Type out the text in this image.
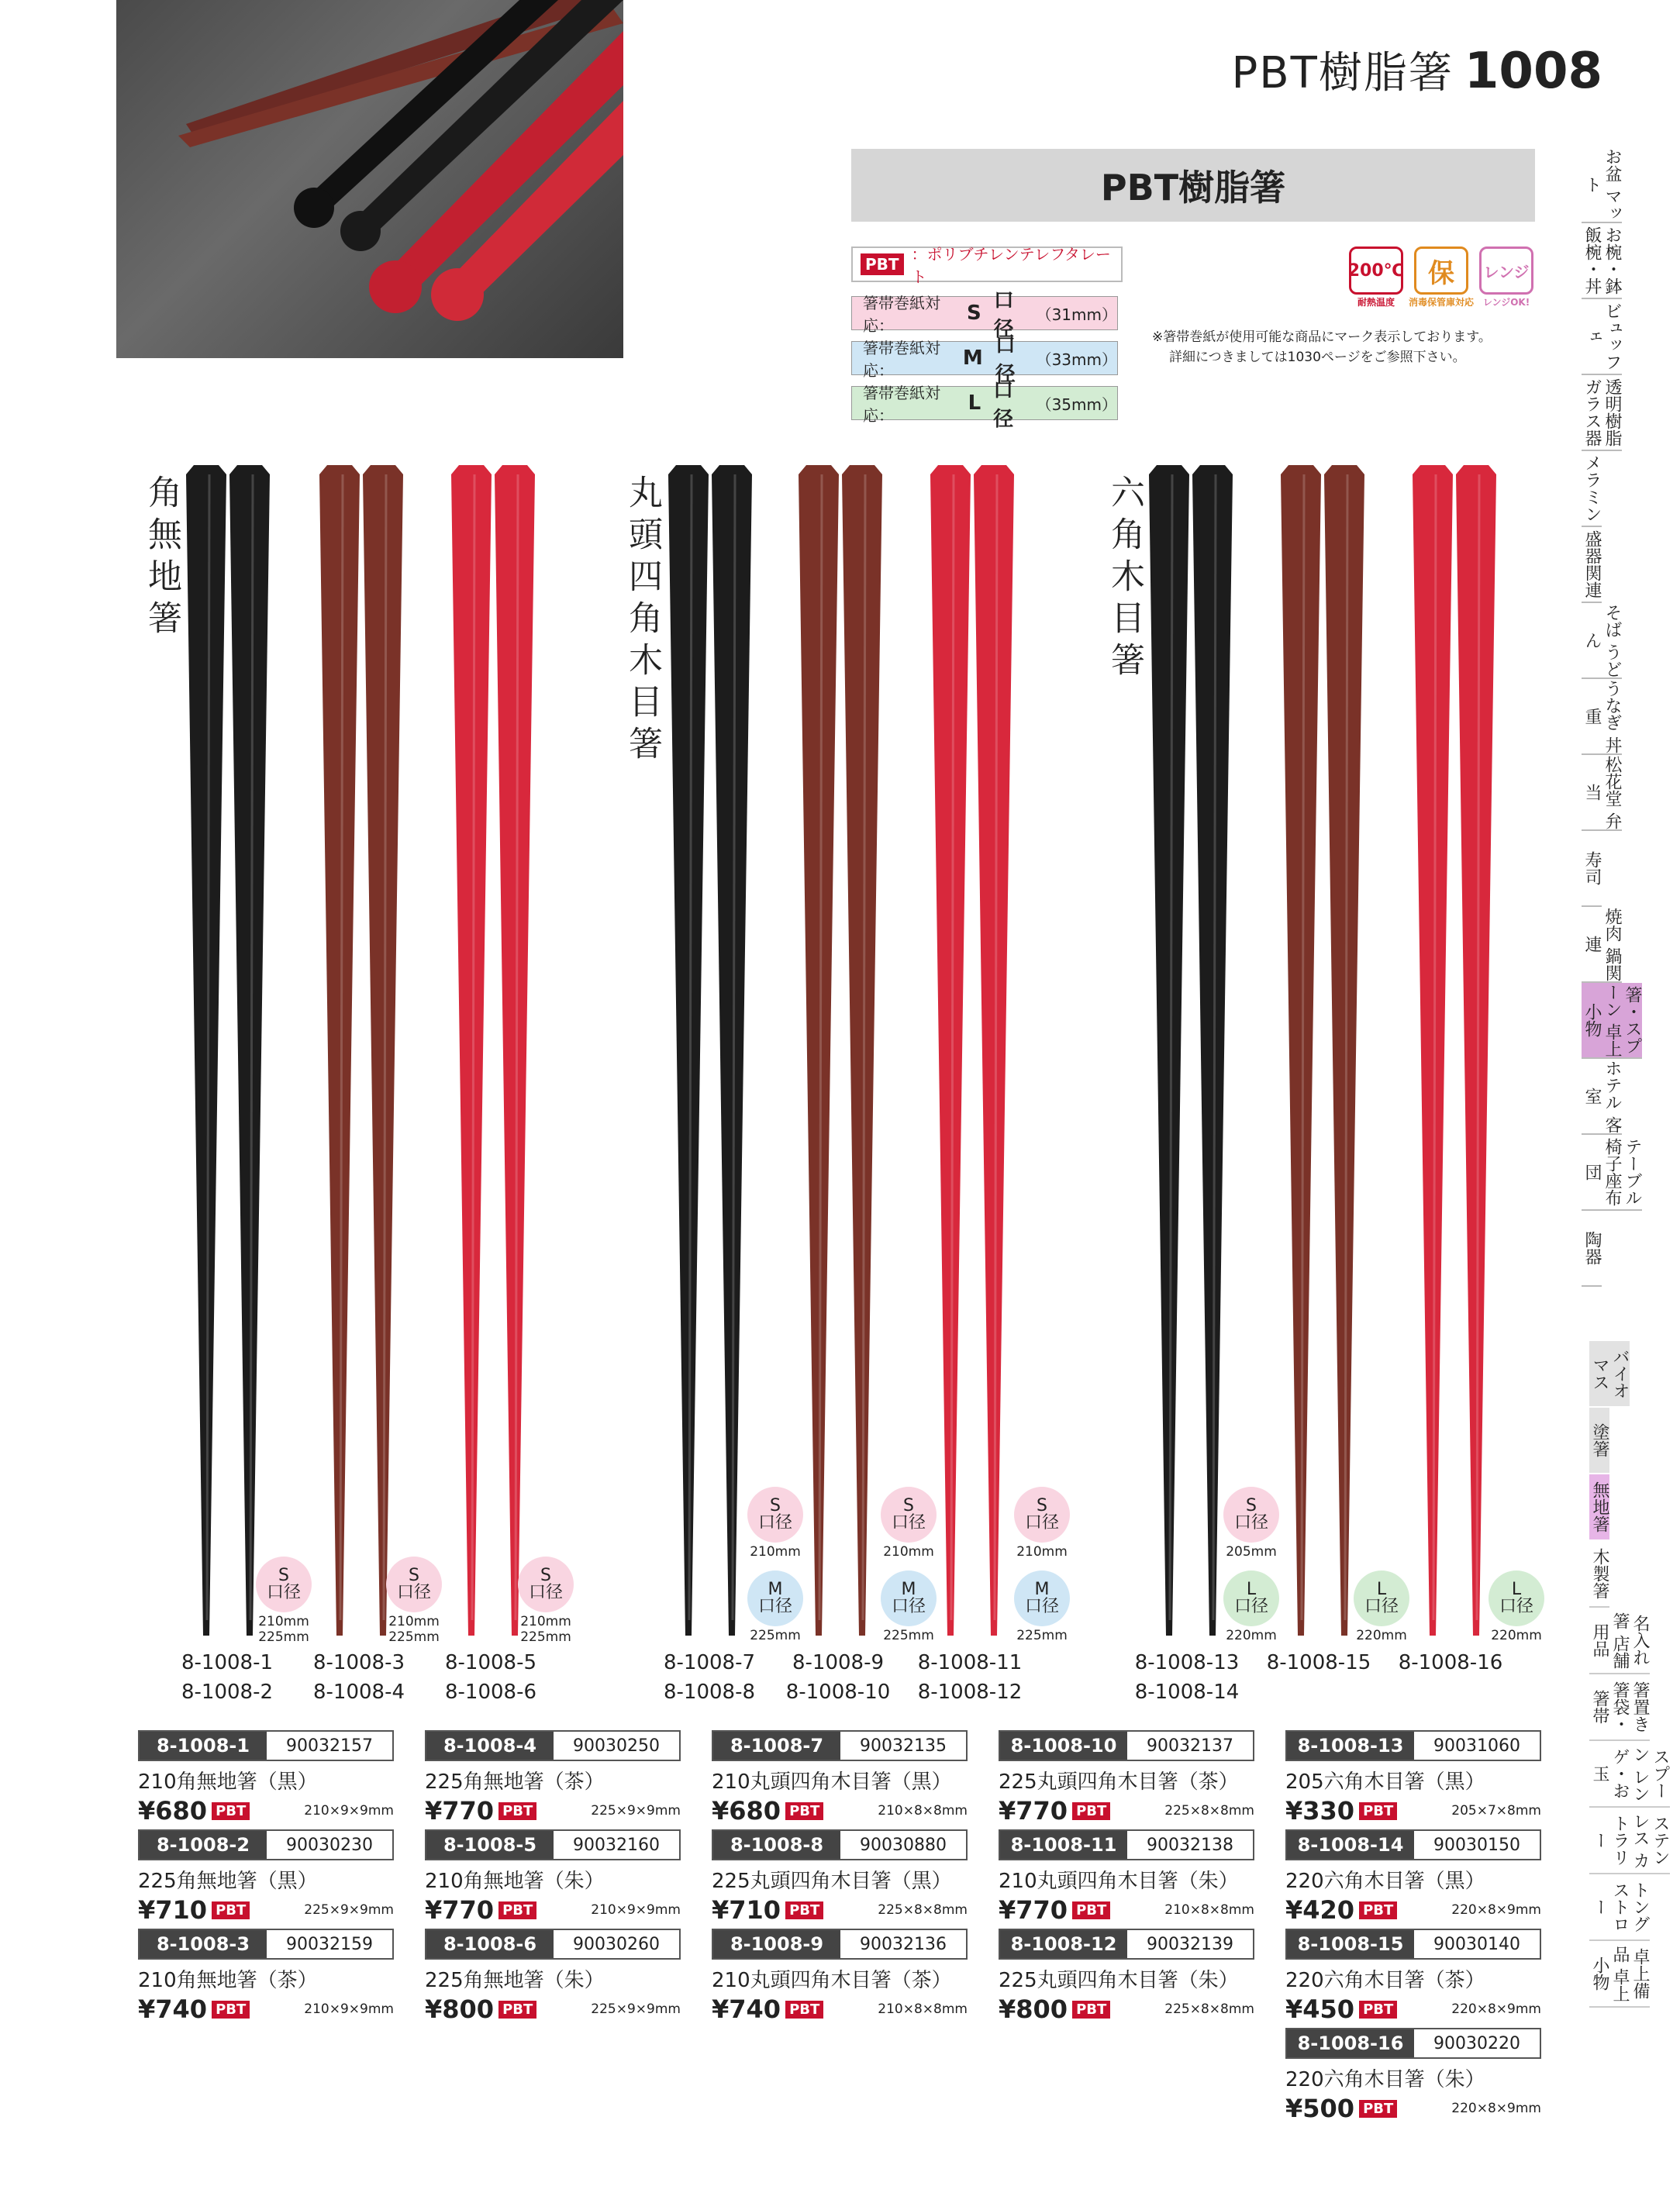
PBT樹脂箸 1008
PBT樹脂箸
PBT
：ポリブチレンテレフタレート
箸帯巻紙対応：
S
口径
（31mm）
箸帯巻紙対応：
M
口径
（33mm）
箸帯巻紙対応：
L
口径
（35mm）
200℃
耐熱温度
保
消毒保管庫対応
レンジ
レンジOK!
※箸帯巻紙が使用可能な商品にマーク表示しております。
詳細につきましては1030ページをご参照下さい。
お盆 マット
お椀・鉢 飯椀・丼
ビュッフェ
透明樹脂 ガラス器
メラミン
盛器関連
そば うどん
うなぎ 丼重
松花堂 弁当
寿司
焼肉 鍋関連
箸・スプーン 卓上小物
ホテル 客室
テーブル 椅子座布団
陶器
バイオマス
塗箸
無地箸
木製箸
名入れ箸 店舗用品
箸置き 箸袋・箸帯
スプーン レンゲ・お玉
ステンレス カトラリー
トング ストロー
卓上備品 卓上小物
角無地箸	丸頭四角木目箸	六角木目箸
S
口径
210mm
225mm
S
口径
210mm
225mm
S
口径
210mm
225mm
S
口径
210mm
M
口径
225mm
S
口径
210mm
M
口径
225mm
S
口径
210mm
M
口径
225mm
S
口径
205mm
L
口径
220mm
L
口径
220mm
L
口径
220mm
8-1008-1
8-1008-2
8-1008-3
8-1008-4
8-1008-5
8-1008-6
8-1008-7
8-1008-8
8-1008-9
8-1008-10
8-1008-11
8-1008-12
8-1008-13
8-1008-14
8-1008-15 8-1008-16
8-1008-1	90032157
210角無地箸（黒）
¥680 PBT	210×9×9mm
8-1008-2	90030230
225角無地箸（黒）
¥710 PBT	225×9×9mm
8-1008-3	90032159
210角無地箸（茶）
¥740 PBT	210×9×9mm
8-1008-4	90030250
225角無地箸（茶）
¥770 PBT	225×9×9mm
8-1008-5	90032160
210角無地箸（朱）
¥770 PBT	210×9×9mm
8-1008-6	90030260
225角無地箸（朱）
¥800 PBT	225×9×9mm
8-1008-7	90032135
210丸頭四角木目箸（黒）
¥680 PBT	210×8×8mm
8-1008-8	90030880
225丸頭四角木目箸（黒）
¥710 PBT	225×8×8mm
8-1008-9	90032136
210丸頭四角木目箸（茶）
¥740 PBT	210×8×8mm
8-1008-10	90032137
225丸頭四角木目箸（茶）
¥770 PBT	225×8×8mm
8-1008-11	90032138
210丸頭四角木目箸（朱）
¥770 PBT	210×8×8mm
8-1008-12	90032139
225丸頭四角木目箸（朱）
¥800 PBT	225×8×8mm
8-1008-13	90031060
205六角木目箸（黒）
¥330 PBT	205×7×8mm
8-1008-14	90030150
220六角木目箸（黒）
¥420 PBT	220×8×9mm
8-1008-15	90030140
220六角木目箸（茶）
¥450 PBT	220×8×9mm
8-1008-16	90030220
220六角木目箸（朱）
¥500 PBT	220×8×9mm
